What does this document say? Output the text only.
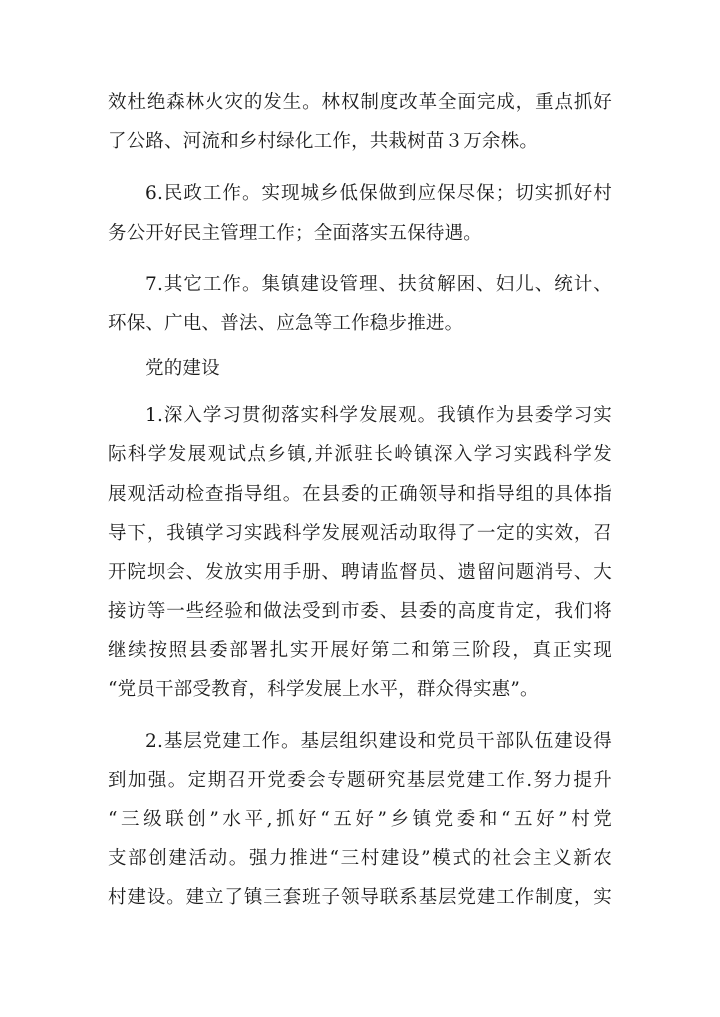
效杜绝森林火灾的发生。林权制度改革全面完成，重点抓好
了公路、河流和乡村绿化工作，共栽树苗３万余株。
6.民政工作。实现城乡低保做到应保尽保；切实抓好村
务公开好民主管理工作；全面落实五保待遇。
7.其它工作。集镇建设管理、扶贫解困、妇儿、统计、
环保、广电、普法、应急等工作稳步推进。
党的建设
1.深入学习贯彻落实科学发展观。我镇作为县委学习实
际科学发展观试点乡镇,并派驻长岭镇深入学习实践科学发
展观活动检查指导组。在县委的正确领导和指导组的具体指
导下，我镇学习实践科学发展观活动取得了一定的实效，召
开院坝会、发放实用手册、聘请监督员、遗留问题消号、大
接访等一些经验和做法受到市委、县委的高度肯定，我们将
继续按照县委部署扎实开展好第二和第三阶段，真正实现
“党员干部受教育，科学发展上水平，群众得实惠”。
2.基层党建工作。基层组织建设和党员干部队伍建设得
到加强。定期召开党委会专题研究基层党建工作.努力提升
“三级联创”水平,抓好“五好”乡镇党委和“五好”村党
支部创建活动。强力推进“三村建设”模式的社会主义新农
村建设。建立了镇三套班子领导联系基层党建工作制度，实
